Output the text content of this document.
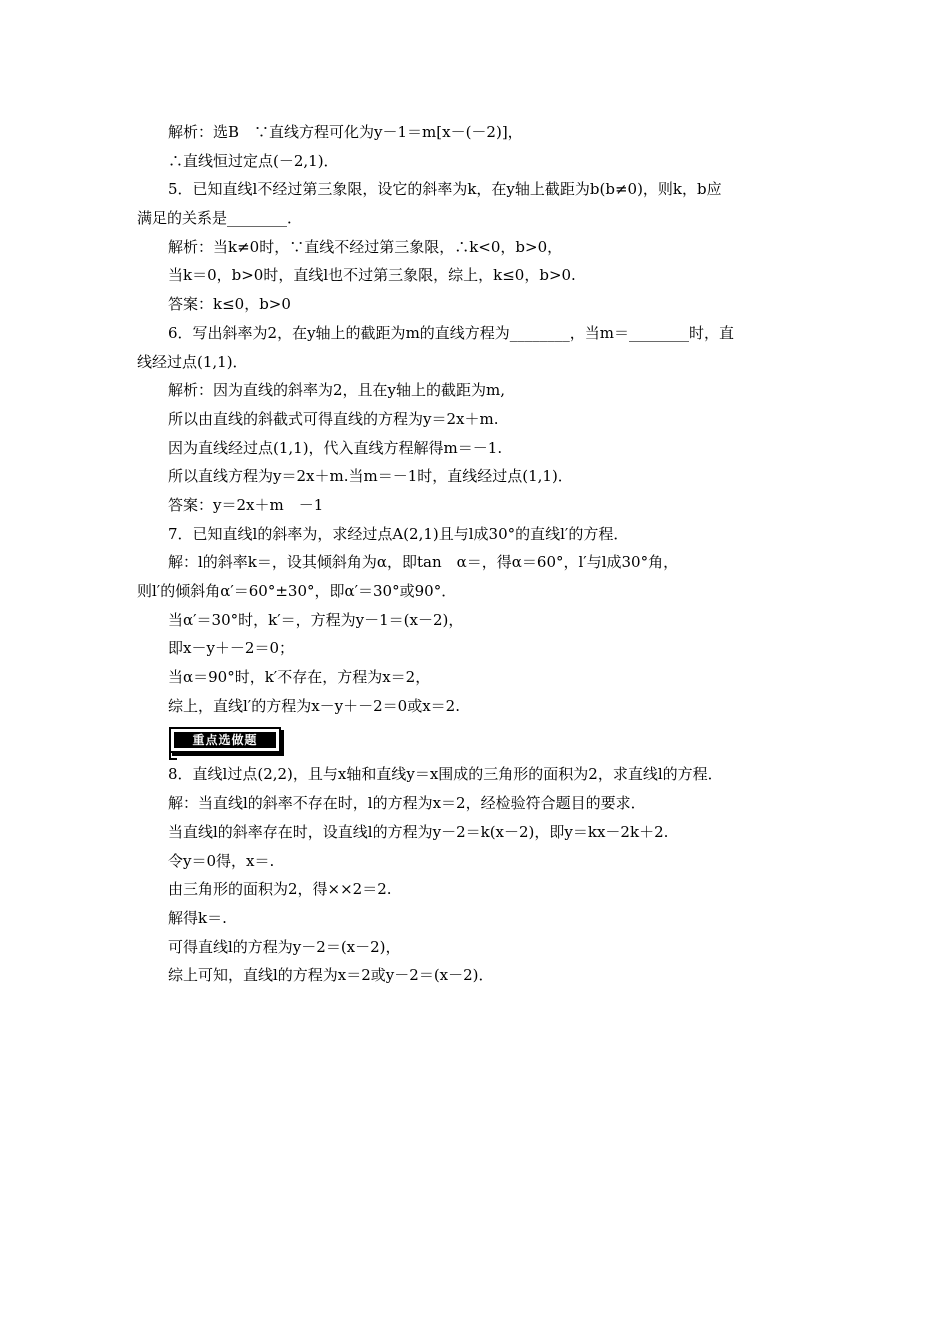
解析：选B　∵直线方程可化为y－1＝m[x－(－2)]，
∴直线恒过定点(－2,1)．
5．已知直线l不经过第三象限，设它的斜率为k，在y轴上截距为b(b≠0)，则k，b应
满足的关系是________．
解析：当k≠0时，∵直线不经过第三象限，∴k<0，b>0，
当k＝0，b>0时，直线l也不过第三象限，综上，k≤0，b>0.
答案：k≤0，b>0
6．写出斜率为2，在y轴上的截距为m的直线方程为________，当m＝________时，直
线经过点(1,1)．
解析：因为直线的斜率为2，且在y轴上的截距为m,
所以由直线的斜截式可得直线的方程为y＝2x＋m.
因为直线经过点(1,1)，代入直线方程解得m＝－1.
所以直线方程为y＝2x＋m.当m＝－1时，直线经过点(1,1)．
答案：y＝2x＋m　－1
7．已知直线l的斜率为，求经过点A(2,1)且与l成30°的直线l′的方程．
解：l的斜率k＝，设其倾斜角为α，即tan　α＝，得α＝60°，l′与l成30°角，
则l′的倾斜角α′＝60°±30°，即α′＝30°或90°．
当α′＝30°时，k′＝，方程为y－1＝(x－2)，
即x－y＋－2＝0；
当α＝90°时，k′不存在，方程为x＝2，
综上，直线l′的方程为x－y＋－2＝0或x＝2.
重点选做题
8．直线l过点(2,2)，且与x轴和直线y＝x围成的三角形的面积为2，求直线l的方程．
解：当直线l的斜率不存在时，l的方程为x＝2，经检验符合题目的要求．
当直线l的斜率存在时，设直线l的方程为y－2＝k(x－2)，即y＝kx－2k＋2.
令y＝0得，x＝.
由三角形的面积为2，得××2＝2.
解得k＝.
可得直线l的方程为y－2＝(x－2)，
综上可知，直线l的方程为x＝2或y－2＝(x－2)．
